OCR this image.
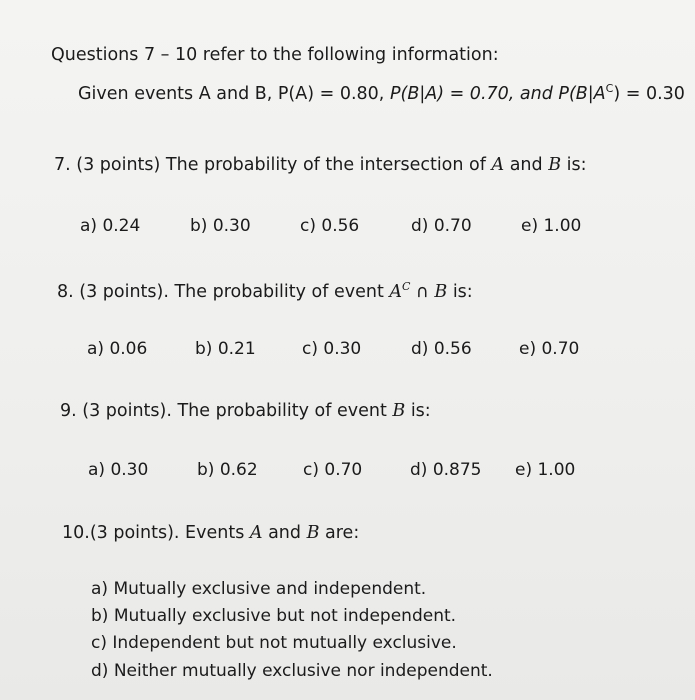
Questions 7 – 10 refer to the following information:
Given events A and B, P(A) = 0.80, P(B|A) = 0.70, and $P(B|A^C) = 0.30$
7. (3 points) The probability of the intersection of A and B is:
a) 0.24	b) 0.30	c) 0.56	d) 0.70	e) 1.00
8. (3 points). The probability of event $A^C$ ∩ B is:
a) 0.06	b) 0.21	c) 0.30	d) 0.56	e) 0.70
9. (3 points). The probability of event B is:
a) 0.30	b) 0.62	c) 0.70	d) 0.875 e) 1.00
10.(3 points). Events A and B are:
a) Mutually exclusive and independent.
b) Mutually exclusive but not independent.
c) Independent but not mutually exclusive.
d) Neither mutually exclusive nor independent.
